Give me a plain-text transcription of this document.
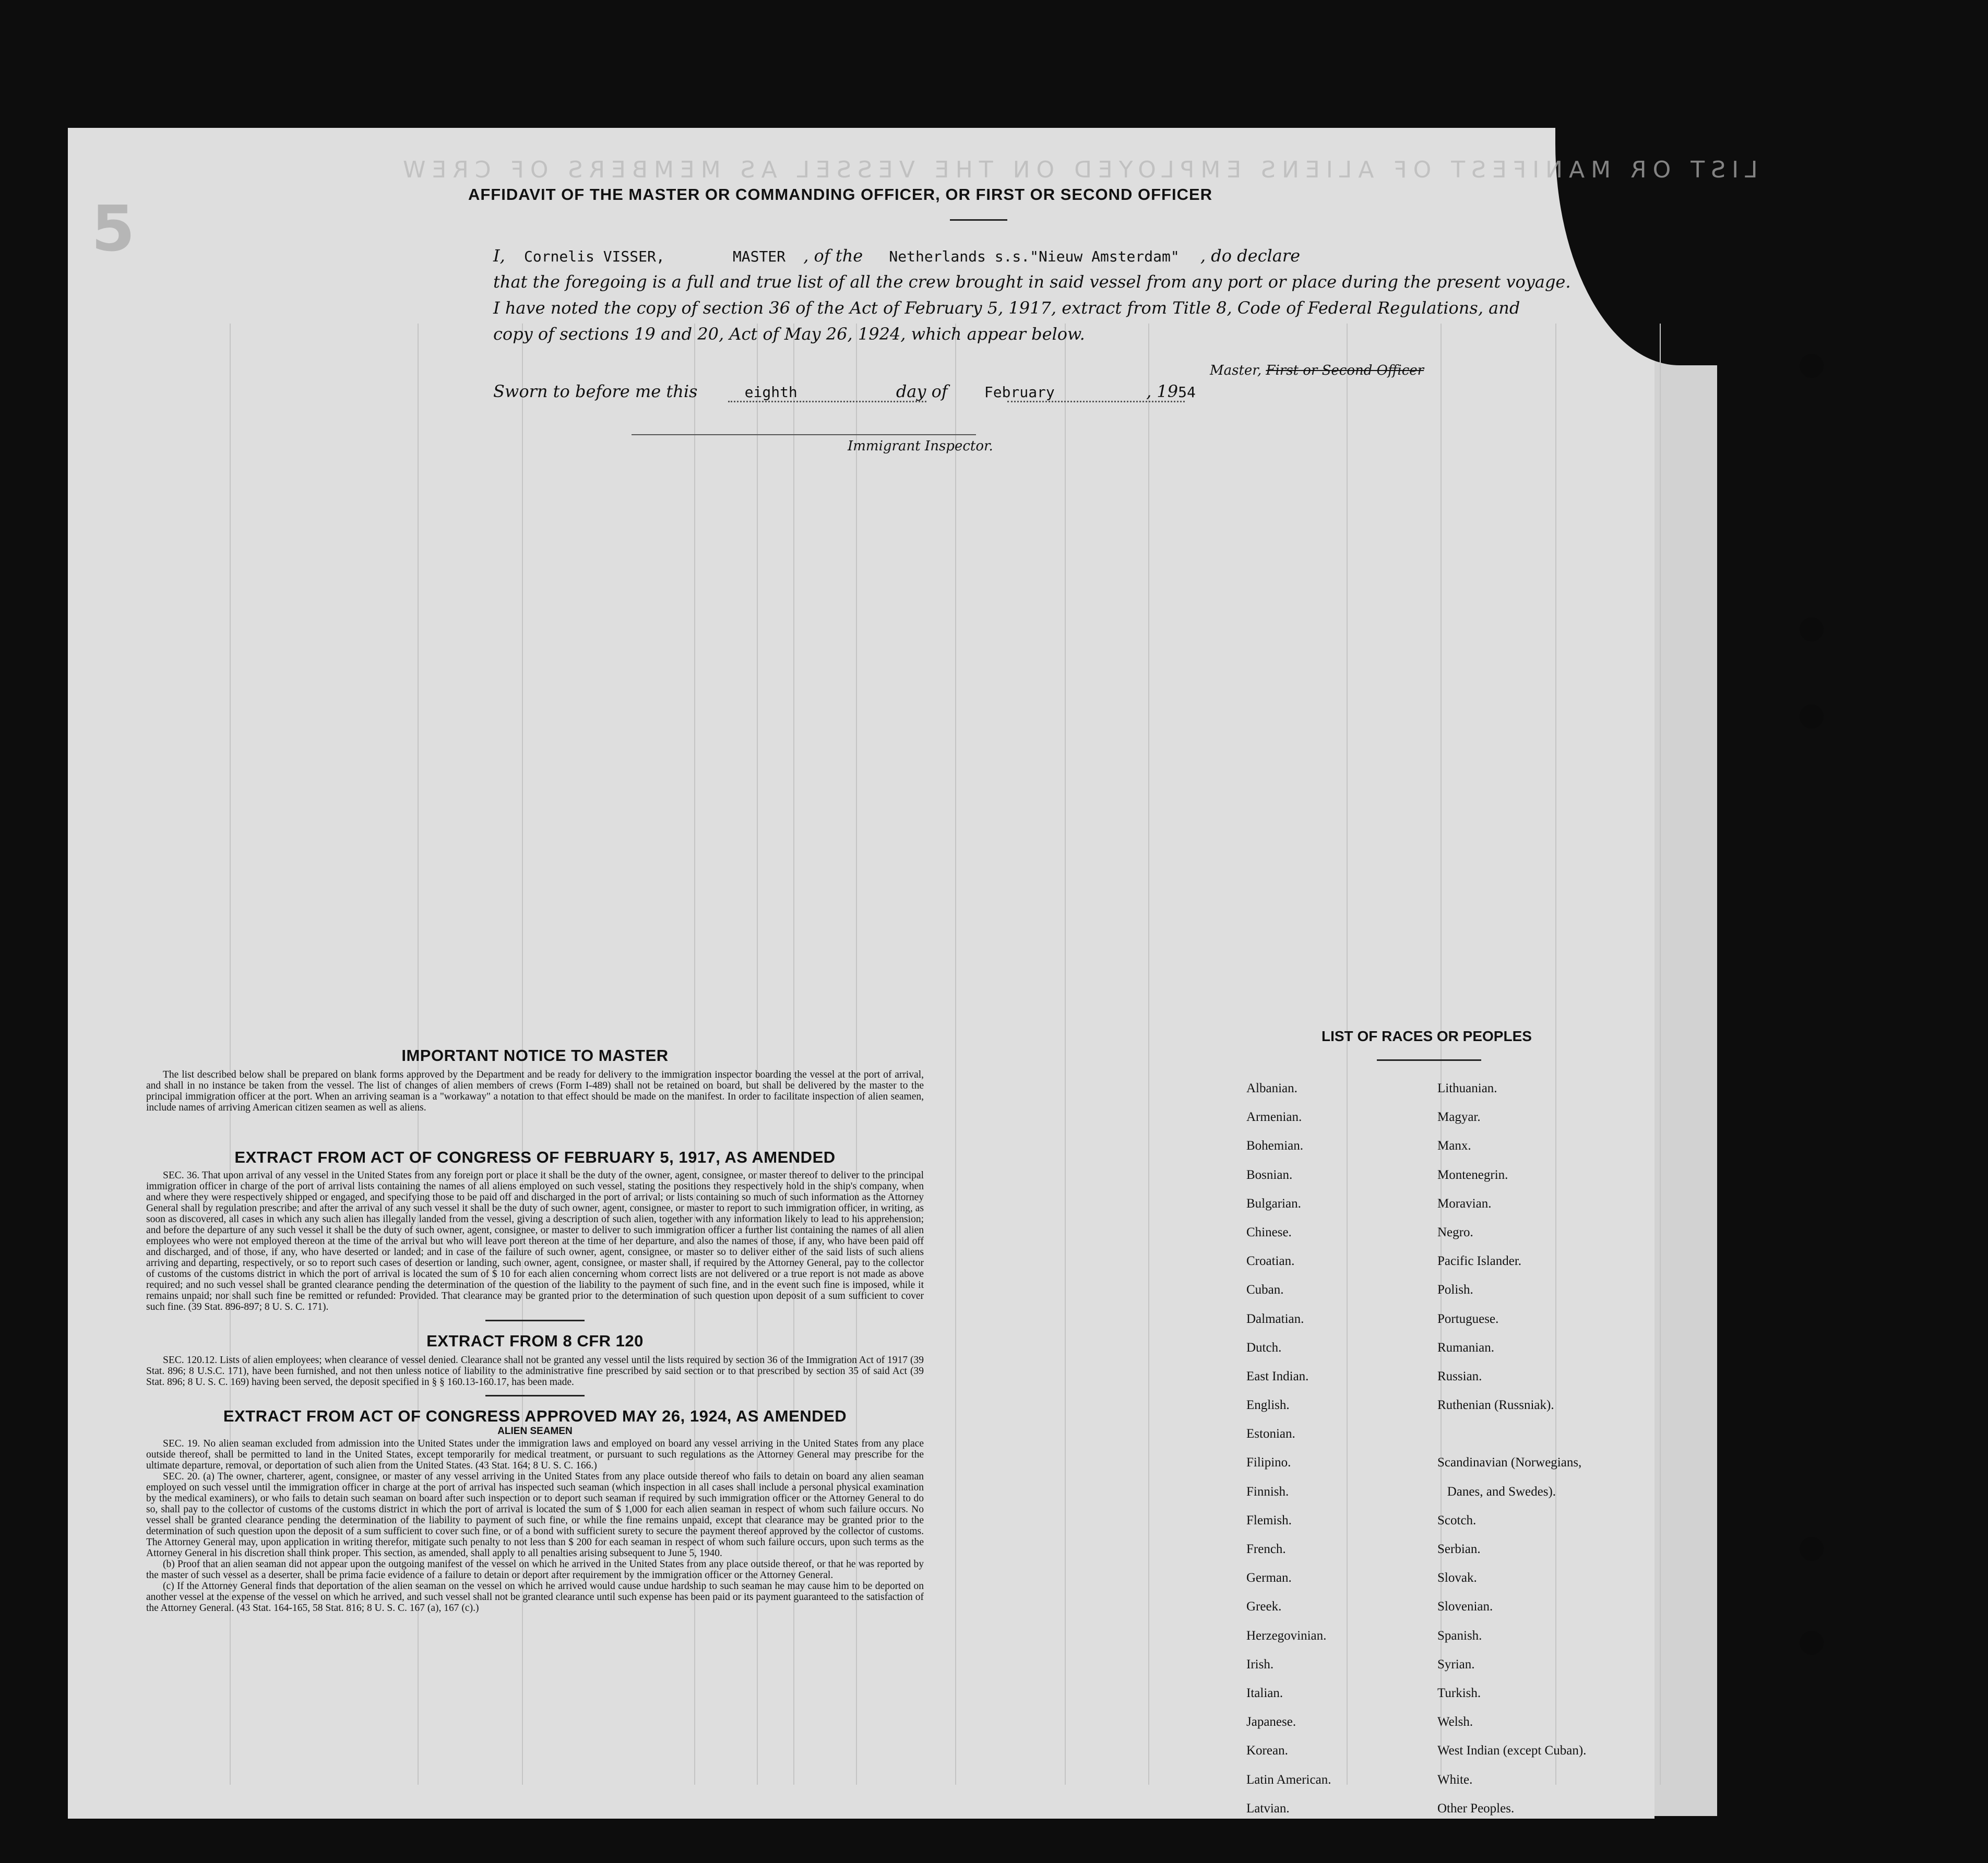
LIST OR MANIFEST OF ALIENS EMPLOYED ON THE VESSEL AS MEMBERS OF CREW
5	AFFIDAVIT OF THE MASTER OR COMMANDING OFFICER, OR FIRST OR SECOND OFFICER
I, Cornelis VISSER,	MASTER , of the Netherlands s.s."Nieuw Amsterdam" , do declare
that the foregoing is a full and true list of all the crew brought in said vessel from any port or place during the present voyage.
I have noted the copy of section 36 of the Act of February 5, 1917, extract from Title 8, Code of Federal Regulations, and
copy of sections 19 and 20, Act of May 26, 1924, which appear below.
Master, First or Second Officer
Sworn to before me this	eighth	day of	February	, 1954
Immigrant Inspector.
IMPORTANT NOTICE TO MASTER

The list described below shall be prepared on blank forms approved by the Department and be ready for delivery to the immigration inspector boarding the vessel at the port of arrival, and shall in no instance be taken from the vessel. The list of changes of alien members of crews (Form I-489) shall not be retained on board, but shall be delivered by the master to the principal immigration officer at the port. When an arriving seaman is a "workaway" a notation to that effect should be made on the manifest. In order to facilitate inspection of alien seamen, include names of arriving American citizen seamen as well as aliens.

EXTRACT FROM ACT OF CONGRESS OF FEBRUARY 5, 1917, AS AMENDED

SEC. 36. That upon arrival of any vessel in the United States from any foreign port or place it shall be the duty of the owner, agent, consignee, or master thereof to deliver to the principal immigration officer in charge of the port of arrival lists containing the names of all aliens employed on such vessel, stating the positions they respectively hold in the ship's company, when and where they were respectively shipped or engaged, and specifying those to be paid off and discharged in the port of arrival; or lists containing so much of such information as the Attorney General shall by regulation prescribe; and after the arrival of any such vessel it shall be the duty of such owner, agent, consignee, or master to report to such immigration officer, in writing, as soon as discovered, all cases in which any such alien has illegally landed from the vessel, giving a description of such alien, together with any information likely to lead to his apprehension; and before the departure of any such vessel it shall be the duty of such owner, agent, consignee, or master to deliver to such immigration officer a further list containing the names of all alien employees who were not employed thereon at the time of the arrival but who will leave port thereon at the time of her departure, and also the names of those, if any, who have been paid off and discharged, and of those, if any, who have deserted or landed; and in case of the failure of such owner, agent, consignee, or master so to deliver either of the said lists of such aliens arriving and departing, respectively, or so to report such cases of desertion or landing, such owner, agent, consignee, or master shall, if required by the Attorney General, pay to the collector of customs of the customs district in which the port of arrival is located the sum of $ 10 for each alien concerning whom correct lists are not delivered or a true report is not made as above required; and no such vessel shall be granted clearance pending the determination of the question of the liability to the payment of such fine, and in the event such fine is imposed, while it remains unpaid; nor shall such fine be remitted or refunded: Provided. That clearance may be granted prior to the determination of such question upon deposit of a sum sufficient to cover such fine. (39 Stat. 896-897; 8 U. S. C. 171).

EXTRACT FROM 8 CFR 120

SEC. 120.12. Lists of alien employees; when clearance of vessel denied. Clearance shall not be granted any vessel until the lists required by section 36 of the Immigration Act of 1917 (39 Stat. 896; 8 U.S.C. 171), have been furnished, and not then unless notice of liability to the administrative fine prescribed by said section or to that prescribed by section 35 of said Act (39 Stat. 896; 8 U. S. C. 169) having been served, the deposit specified in § § 160.13-160.17, has been made.

EXTRACT FROM ACT OF CONGRESS APPROVED MAY 26, 1924, AS AMENDED
ALIEN SEAMEN

SEC. 19. No alien seaman excluded from admission into the United States under the immigration laws and employed on board any vessel arriving in the United States from any place outside thereof, shall be permitted to land in the United States, except temporarily for medical treatment, or pursuant to such regulations as the Attorney General may prescribe for the ultimate departure, removal, or deportation of such alien from the United States. (43 Stat. 164; 8 U. S. C. 166.)

SEC. 20. (a) The owner, charterer, agent, consignee, or master of any vessel arriving in the United States from any place outside thereof who fails to detain on board any alien seaman employed on such vessel until the immigration officer in charge at the port of arrival has inspected such seaman (which inspection in all cases shall include a personal physical examination by the medical examiners), or who fails to detain such seaman on board after such inspection or to deport such seaman if required by such immigration officer or the Attorney General to do so, shall pay to the collector of customs of the customs district in which the port of arrival is located the sum of $ 1,000 for each alien seaman in respect of whom such failure occurs. No vessel shall be granted clearance pending the determination of the liability to payment of such fine, or while the fine remains unpaid, except that clearance may be granted prior to the determination of such question upon the deposit of a sum sufficient to cover such fine, or of a bond with sufficient surety to secure the payment thereof approved by the collector of customs. The Attorney General may, upon application in writing therefor, mitigate such penalty to not less than $ 200 for each seaman in respect of whom such failure occurs, upon such terms as the Attorney General in his discretion shall think proper. This section, as amended, shall apply to all penalties arising subsequent to June 5, 1940.

(b) Proof that an alien seaman did not appear upon the outgoing manifest of the vessel on which he arrived in the United States from any place outside thereof, or that he was reported by the master of such vessel as a deserter, shall be prima facie evidence of a failure to detain or deport after requirement by the immigration officer or the Attorney General.

(c) If the Attorney General finds that deportation of the alien seaman on the vessel on which he arrived would cause undue hardship to such seaman he may cause him to be deported on another vessel at the expense of the vessel on which he arrived, and such vessel shall not be granted clearance until such expense has been paid or its payment guaranteed to the satisfaction of the Attorney General. (43 Stat. 164-165, 58 Stat. 816; 8 U. S. C. 167 (a), 167 (c).)

LIST OF RACES OR PEOPLES
Albanian.
Armenian.
Bohemian.
Bosnian.
Bulgarian.
Chinese.
Croatian.
Cuban.
Dalmatian.
Dutch.
East Indian.
English.
Estonian.
Filipino.
Finnish.
Flemish.
French.
German.
Greek.
Herzegovinian.
Irish.
Italian.
Japanese.
Korean.
Latin American.
Latvian.
Lithuanian.
Magyar.
Manx.
Montenegrin.
Moravian.
Negro.
Pacific Islander.
Polish.
Portuguese.
Rumanian.
Russian.
Ruthenian (Russniak).
Scandinavian (Norwegians,
Danes, and Swedes).
Scotch.
Serbian.
Slovak.
Slovenian.
Spanish.
Syrian.
Turkish.
Welsh.
West Indian (except Cuban).
White.
Other Peoples.
